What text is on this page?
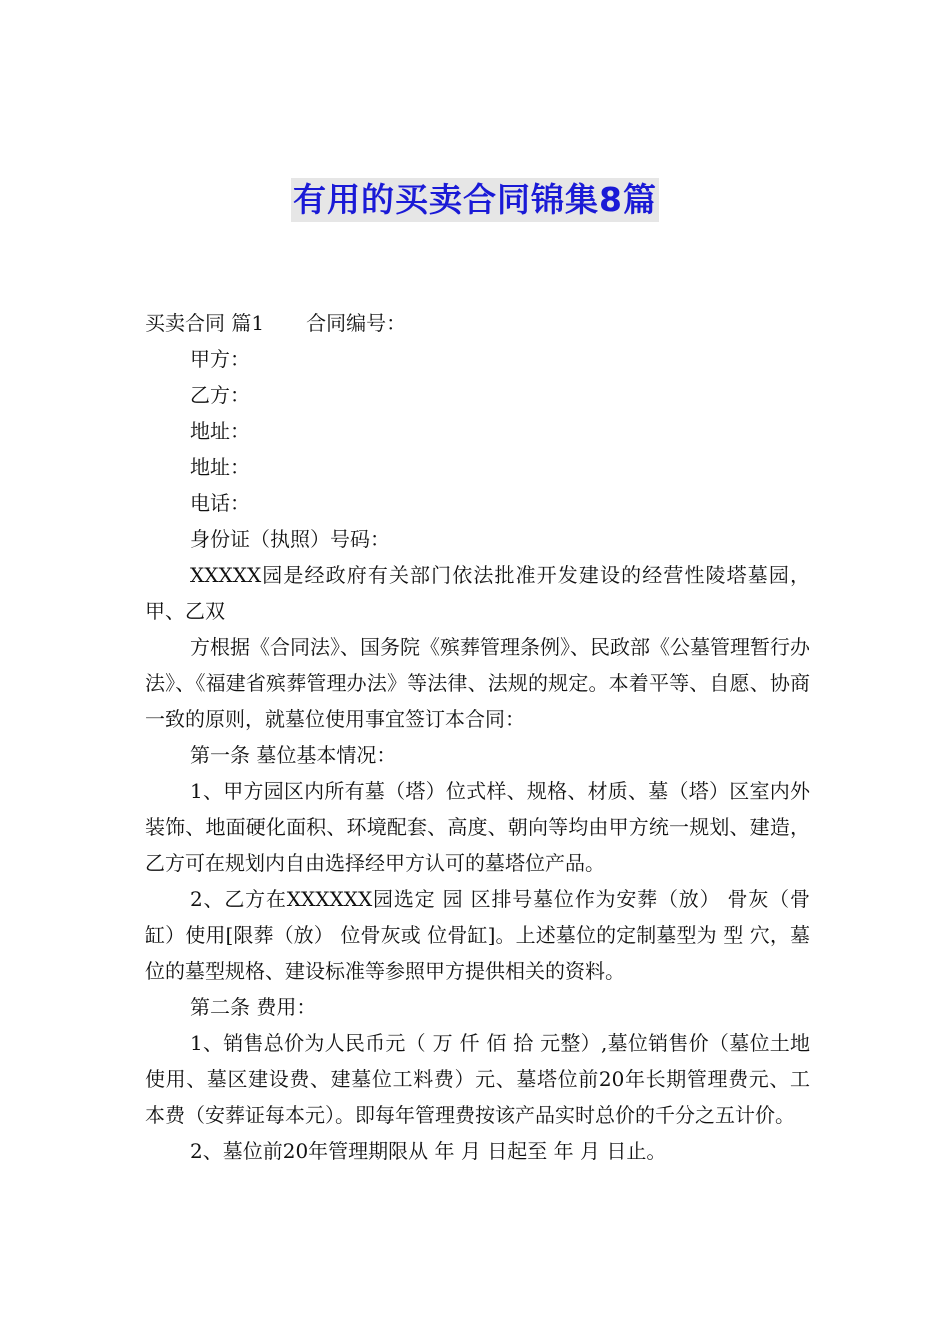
有用的买卖合同锦集8篇

买卖合同 篇1 合同编号：

甲方：

乙方：

地址：

地址：

电话：

身份证（执照）号码：

XXXXX园是经政府有关部门依法批准开发建设的经营性陵塔墓园，甲、乙双

方根据《合同法》、国务院《殡葬管理条例》、民政部《公墓管理暂行办法》、《福建省殡葬管理办法》等法律、法规的规定。本着平等、自愿、协商一致的原则，就墓位使用事宜签订本合同：

第一条 墓位基本情况：

1、甲方园区内所有墓（塔）位式样、规格、材质、墓（塔）区室内外装饰、地面硬化面积、环境配套、高度、朝向等均由甲方统一规划、建造，乙方可在规划内自由选择经甲方认可的墓塔位产品。

2、乙方在XXXXXX园选定 园 区排号墓位作为安葬（放） 骨灰（骨缸）使用[限葬（放） 位骨灰或 位骨缸]。上述墓位的定制墓型为 型 穴，墓位的墓型规格、建设标准等参照甲方提供相关的资料。

第二条 费用：

1、销售总价为人民币元（ 万 仟 佰 拾 元整）,墓位销售价（墓位土地使用、墓区建设费、建墓位工料费）元、墓塔位前20年长期管理费元、工本费（安葬证每本元）。即每年管理费按该产品实时总价的千分之五计价。

2、墓位前20年管理期限从 年 月 日起至 年 月 日止。
